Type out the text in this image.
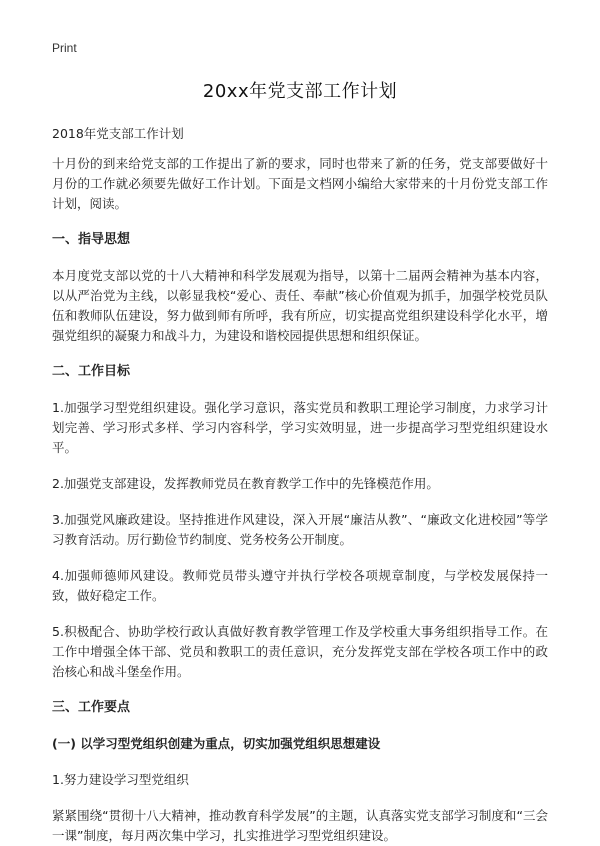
Print
20xx年党支部工作计划
2018年党支部工作计划

十月份的到来给党支部的工作提出了新的要求，同时也带来了新的任务，党支部要做好十月份的工作就必须要先做好工作计划。下面是文档网小编给大家带来的十月份党支部工作计划，阅读。

一、指导思想

本月度党支部以党的十八大精神和科学发展观为指导，以第十二届两会精神为基本内容，以从严治党为主线，以彰显我校“爱心、责任、奉献”核心价值观为抓手，加强学校党员队伍和教师队伍建设，努力做到师有所呼，我有所应，切实提高党组织建设科学化水平，增强党组织的凝聚力和战斗力，为建设和谐校园提供思想和组织保证。

二、工作目标

1.加强学习型党组织建设。强化学习意识，落实党员和教职工理论学习制度，力求学习计划完善、学习形式多样、学习内容科学，学习实效明显，进一步提高学习型党组织建设水平。

2.加强党支部建设，发挥教师党员在教育教学工作中的先锋模范作用。

3.加强党风廉政建设。坚持推进作风建设，深入开展“廉洁从教”、“廉政文化进校园”等学习教育活动。厉行勤俭节约制度、党务校务公开制度。

4.加强师德师风建设。教师党员带头遵守并执行学校各项规章制度，与学校发展保持一致，做好稳定工作。

5.积极配合、协助学校行政认真做好教育教学管理工作及学校重大事务组织指导工作。在工作中增强全体干部、党员和教职工的责任意识，充分发挥党支部在学校各项工作中的政治核心和战斗堡垒作用。

三、工作要点
(一) 以学习型党组织创建为重点，切实加强党组织思想建设

1.努力建设学习型党组织

紧紧围绕“贯彻十八大精神，推动教育科学发展”的主题，认真落实党支部学习制度和“三会一课”制度，每月两次集中学习，扎实推进学习型党组织建设。
